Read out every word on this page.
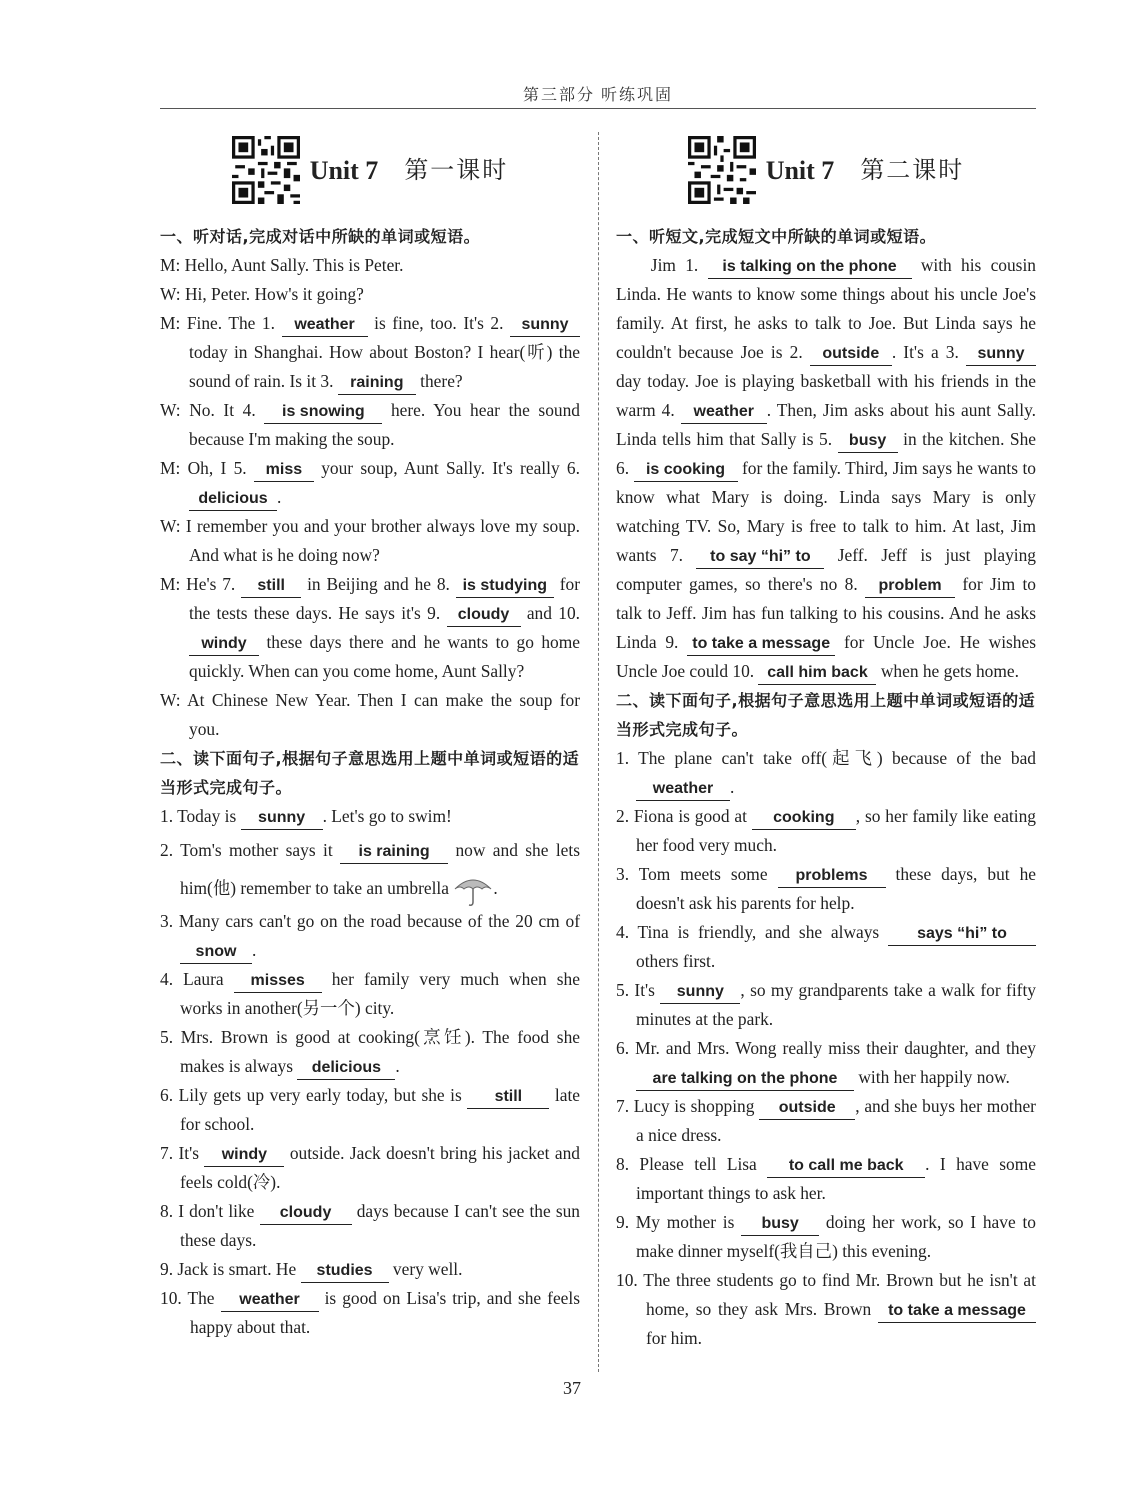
第三部分 听练巩固
Unit 7 第一课时
一、听对话,完成对话中所缺的单词或短语。
M: Hello, Aunt Sally. This is Peter.
W: Hi, Peter. How's it going?
M: Fine. The 1. weather is fine, too. It's 2. sunny today in Shanghai. How about Boston? I hear(听) the sound of rain. Is it 3. raining there?
W: No. It 4. is snowing here. You hear the sound because I'm making the soup.
M: Oh, I 5. miss your soup, Aunt Sally. It's really 6. delicious .
W: I remember you and your brother always love my soup. And what is he doing now?
M: He's 7. still in Beijing and he 8. is studying for the tests these days. He says it's 9. cloudy and 10. windy these days there and he wants to go home quickly. When can you come home, Aunt Sally?
W: At Chinese New Year. Then I can make the soup for you.
二、读下面句子,根据句子意思选用上题中单词或短语的适当形式完成句子。
1. Today is sunny . Let's go to swim!
2. Tom's mother says it is raining now and she lets him(他) remember to take an umbrella	.
3. Many cars can't go on the road because of the 20 cm of snow .
4. Laura misses her family very much when she works in another(另一个) city.
5. Mrs. Brown is good at cooking(烹饪). The food she makes is always delicious .
6. Lily gets up very early today, but she is still late for school.
7. It's windy outside. Jack doesn't bring his jacket and feels cold(冷).
8. I don't like cloudy days because I can't see the sun these days.
9. Jack is smart. He studies very well.
10. The weather is good on Lisa's trip, and she feels happy about that.
Unit 7 第二课时
一、听短文,完成短文中所缺的单词或短语。
Jim 1. is talking on the phone with his cousin Linda. He wants to know some things about his uncle Joe's family. At first, he asks to talk to Joe. But Linda says he couldn't because Joe is 2. outside . It's a 3. sunny day today. Joe is playing basketball with his friends in the warm 4. weather . Then, Jim asks about his aunt Sally. Linda tells him that Sally is 5. busy in the kitchen. She 6. is cooking for the family. Third, Jim says he wants to know what Mary is doing. Linda says Mary is only watching TV. So, Mary is free to talk to him. At last, Jim wants 7. to say “hi” to Jeff. Jeff is just playing computer games, so there's no 8. problem for Jim to talk to Jeff. Jim has fun talking to his cousins. And he asks Linda 9. to take a message for Uncle Joe. He wishes Uncle Joe could 10. call him back when he gets home.
二、读下面句子,根据句子意思选用上题中单词或短语的适当形式完成句子。
1. The plane can't take off(起飞) because of the bad weather .
2. Fiona is good at cooking , so her family like eating her food very much.
3. Tom meets some problems these days, but he doesn't ask his parents for help.
4. Tina is friendly, and she always says “hi” to others first.
5. It's sunny , so my grandparents take a walk for fifty minutes at the park.
6. Mr. and Mrs. Wong really miss their daughter, and they are talking on the phone with her happily now.
7. Lucy is shopping outside , and she buys her mother a nice dress.
8. Please tell Lisa to call me back . I have some important things to ask her.
9. My mother is busy doing her work, so I have to make dinner myself(我自己) this evening.
10. The three students go to find Mr. Brown but he isn't at home, so they ask Mrs. Brown to take a message for him.
37
